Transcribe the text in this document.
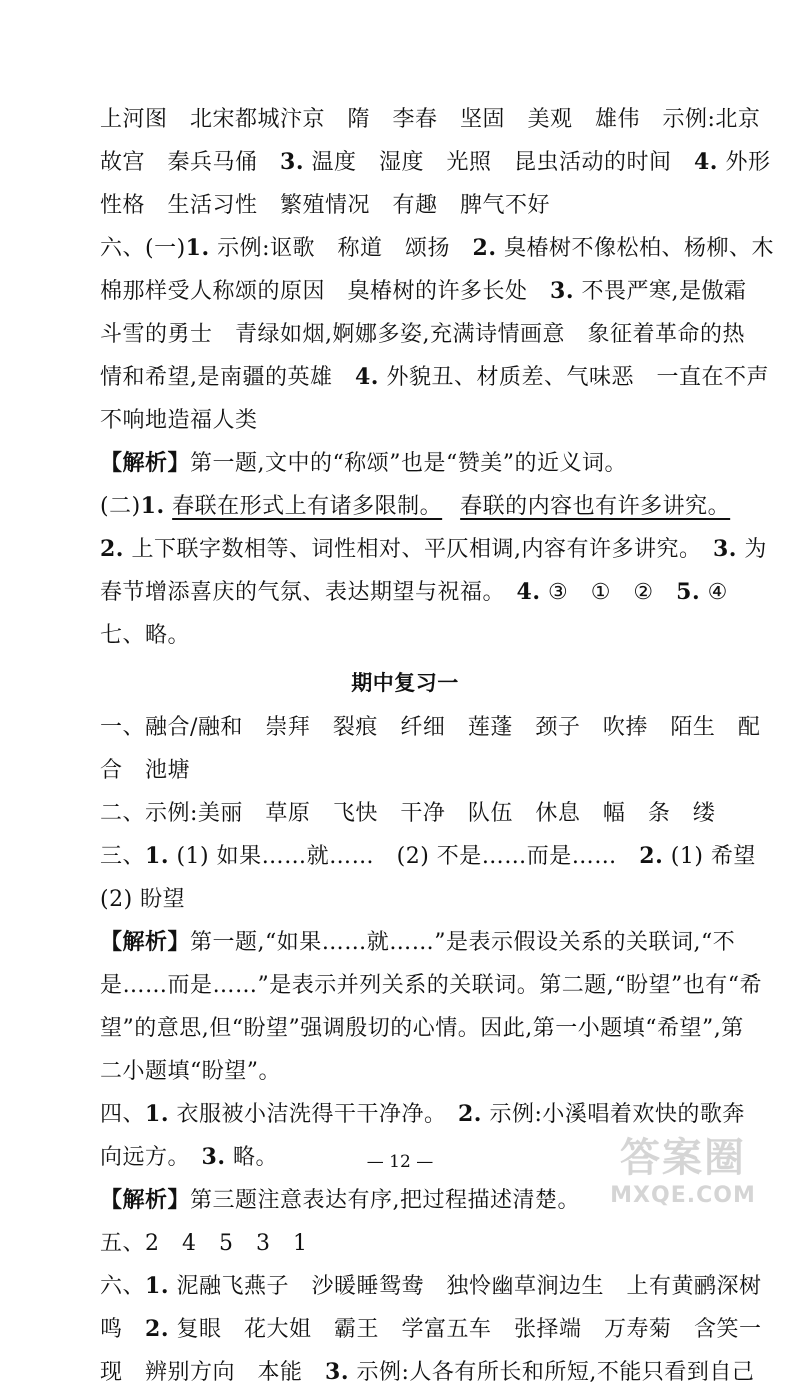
上河图　北宋都城汴京　隋　李春　坚固　美观　雄伟　示例:北京
故宫　秦兵马俑　 3. 温度　湿度　光照　昆虫活动的时间　4. 外形
性格　生活习性　繁殖情况　有趣　脾气不好
六、(一)1. 示例:讴歌　称道　颂扬　2. 臭椿树不像松柏、杨柳、木
棉那样受人称颂的原因　臭椿树的许多长处　3. 不畏严寒,是傲霜
斗雪的勇士　青绿如烟,婀娜多姿,充满诗情画意　象征着革命的热
情和希望,是南疆的英雄　4. 外貌丑、材质差、气味恶　一直在不声
不响地造福人类
【解析】第一题,文中的“称颂”也是“赞美”的近义词。
(二)1. 春联在形式上有诸多限制。 春联的内容也有许多讲究。
2. 上下联字数相等、词性相对、平仄相调,内容有许多讲究。　3. 为
春节增添喜庆的气氛、表达期望与祝福。　4. ③　①　②　5. ④
七、略。
期中复习一
一、融合/融和　崇拜　裂痕　纤细　莲蓬　颈子　吹捧　陌生　配
合　池塘
二、示例:美丽　草原　飞快　干净　队伍　休息　幅　条　缕
三、1. (1) 如果……就……　(2) 不是……而是……　2. (1) 希望
(2) 盼望
【解析】第一题,“如果……就……”是表示假设关系的关联词,“不
是……而是……”是表示并列关系的关联词。第二题,“盼望”也有“希
望”的意思,但“盼望”强调殷切的心情。因此,第一小题填“希望”,第
二小题填“盼望”。
四、1. 衣服被小洁洗得干干净净。　2. 示例:小溪唱着欢快的歌奔
向远方。　3. 略。
【解析】第三题注意表达有序,把过程描述清楚。
五、2　4　5　3　1
六、1. 泥融飞燕子　沙暖睡鸳鸯　独怜幽草涧边生　上有黄鹂深树
鸣　2. 复眼　花大姐　霸王　学富五车　张择端　万寿菊　含笑一
现　辨别方向　本能　3. 示例:人各有所长和所短,不能只看到自己
— 12 —	答案圈
MXQE.COM
